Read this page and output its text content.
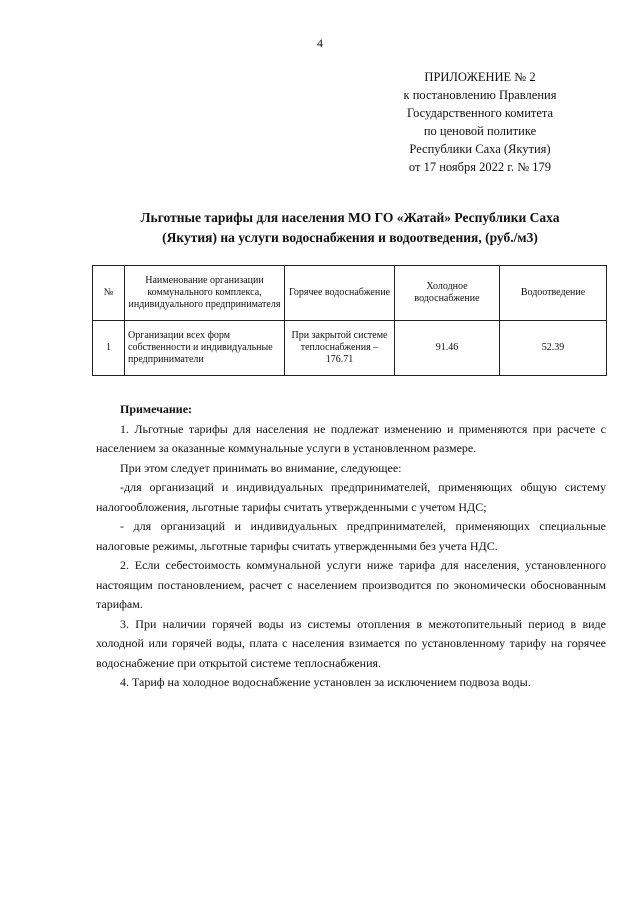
4
ПРИЛОЖЕНИЕ № 2
к постановлению Правления
Государственного комитета
по ценовой политике
Республики Саха (Якутия)
от 17 ноября 2022 г. № 179
Льготные тарифы для населения МО ГО «Жатай» Республики Саха
(Якутия) на услуги водоснабжения и водоотведения, (руб./м3)
№	Наименование организации коммунального комплекса, индивидуального предпринимателя	Горячее водоснабжение	Холодное водоснабжение	Водоотведение
1	Организации всех форм собственности и индивидуальные предприниматели	При закрытой системе теплоснабжения – 176.71	91.46	52.39

Примечание:

1. Льготные тарифы для населения не подлежат изменению и применяются при расчете с населением за оказанные коммунальные услуги в установленном размере.

При этом следует принимать во внимание, следующее:

-для организаций и индивидуальных предпринимателей, применяющих общую систему налогообложения, льготные тарифы считать утвержденными с учетом НДС;

- для организаций и индивидуальных предпринимателей, применяющих специальные налоговые режимы, льготные тарифы считать утвержденными без учета НДС.

2. Если себестоимость коммунальной услуги ниже тарифа для населения, установленного настоящим постановлением, расчет с населением производится по экономически обоснованным тарифам.

3. При наличии горячей воды из системы отопления в межотопительный период в виде холодной или горячей воды, плата с населения взимается по установленному тарифу на горячее водоснабжение при открытой системе теплоснабжения.

4. Тариф на холодное водоснабжение установлен за исключением подвоза воды.
